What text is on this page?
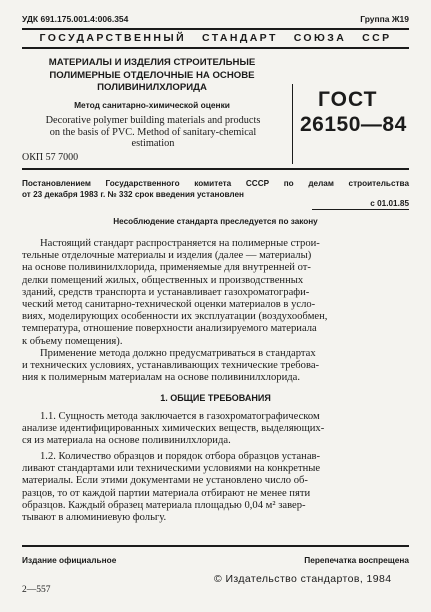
УДК 691.175.001.4:006.354	Группа Ж19
ГОСУДАРСТВЕННЫЙ   СТАНДАРТ   СОЮЗА   ССР
МАТЕРИАЛЫ И ИЗДЕЛИЯ СТРОИТЕЛЬНЫЕ
ПОЛИМЕРНЫЕ ОТДЕЛОЧНЫЕ НА ОСНОВЕ
ПОЛИВИНИЛХЛОРИДА
Метод санитарно-химической оценки
Decorative polymer building materials and products
on the basis of PVC. Method of sanitary-chemical
estimation
ОКП 57 7000
ГОСТ
26150—84
Постановлением Государственного комитета СССР по делам строительства
от 23 декабря 1983 г. № 332 срок введения установлен
с 01.01.85
Несоблюдение стандарта преследуется по закону
Настоящий стандарт распространяется на полимерные строи-
тельные отделочные материалы и изделия (далее — материалы)
на основе поливинилхлорида, применяемые для внутренней от-
делки помещений жилых, общественных и производственных
зданий, средств транспорта и устанавливает газохроматографи-
ческий метод санитарно-технической оценки материалов в усло-
виях, моделирующих особенности их эксплуатации (воздухообмен,
температура, отношение поверхности анализируемого материала
к объему помещения).
Применение метода должно предусматриваться в стандартах
и технических условиях, устанавливающих технические требова-
ния к полимерным материалам на основе поливинилхлорида.
1. ОБЩИЕ ТРЕБОВАНИЯ
1.1. Сущность метода заключается в газохроматографическом
анализе идентифицированных химических веществ, выделяющих-
ся из материала на основе поливинилхлорида.
1.2. Количество образцов и порядок отбора образцов устанав-
ливают стандартами или техническими условиями на конкретные
материалы. Если этими документами не установлено число об-
разцов, то от каждой партии материала отбирают не менее пяти
образцов. Каждый образец материала площадью 0,04 м² завер-
тывают в алюминиевую фольгу.
Издание официальное	Перепечатка воспрещена
© Издательство стандартов, 1984
2—557
